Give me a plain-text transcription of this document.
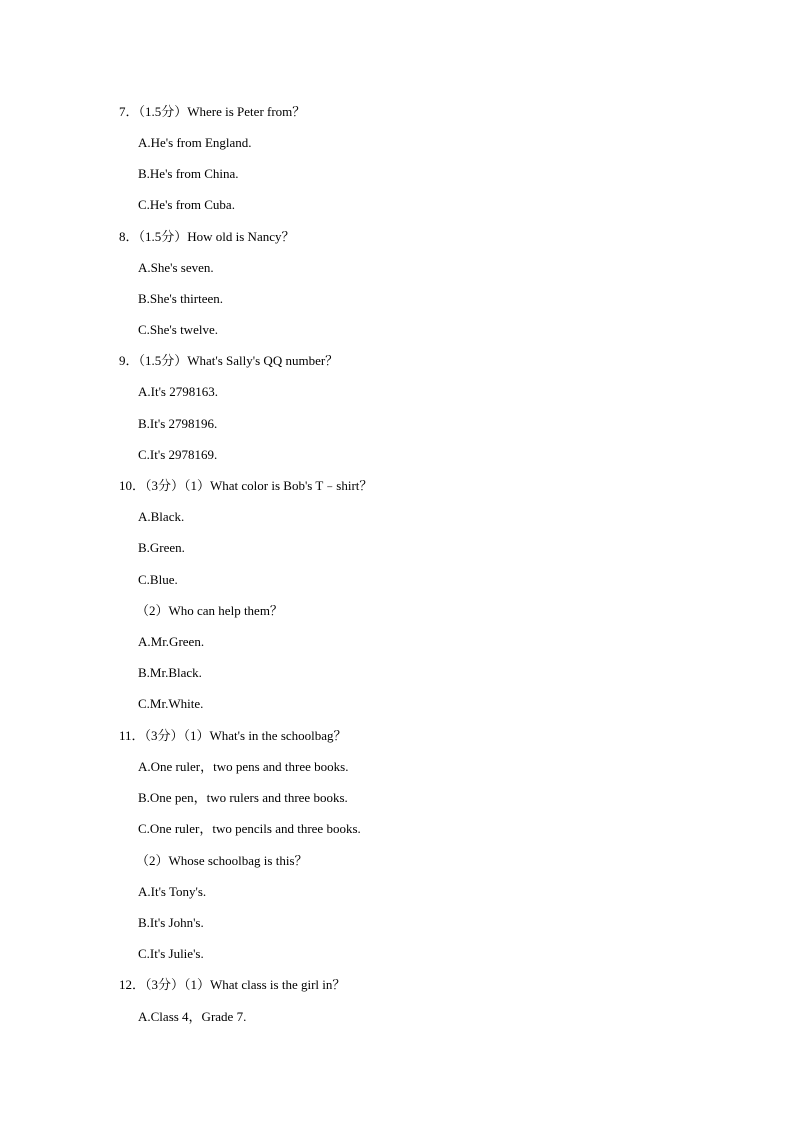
7．（1.5分）Where is Peter from？
A.He's from England.
B.He's from China.
C.He's from Cuba.
8．（1.5分）How old is Nancy？
A.She's seven.
B.She's thirteen.
C.She's twelve.
9．（1.5分）What's Sally's QQ number？
A.It's 2798163.
B.It's 2798196.
C.It's 2978169.
10．（3分）（1）What color is Bob's T﹣shirt？
A.Black.
B.Green.
C.Blue.
（2）Who can help them？
A.Mr.Green.
B.Mr.Black.
C.Mr.White.
11．（3分）（1）What's in the schoolbag？
A.One ruler，two pens and three books.
B.One pen，two rulers and three books.
C.One ruler，two pencils and three books.
（2）Whose schoolbag is this？
A.It's Tony's.
B.It's John's.
C.It's Julie's.
12．（3分）（1）What class is the girl in？
A.Class 4，Grade 7.
